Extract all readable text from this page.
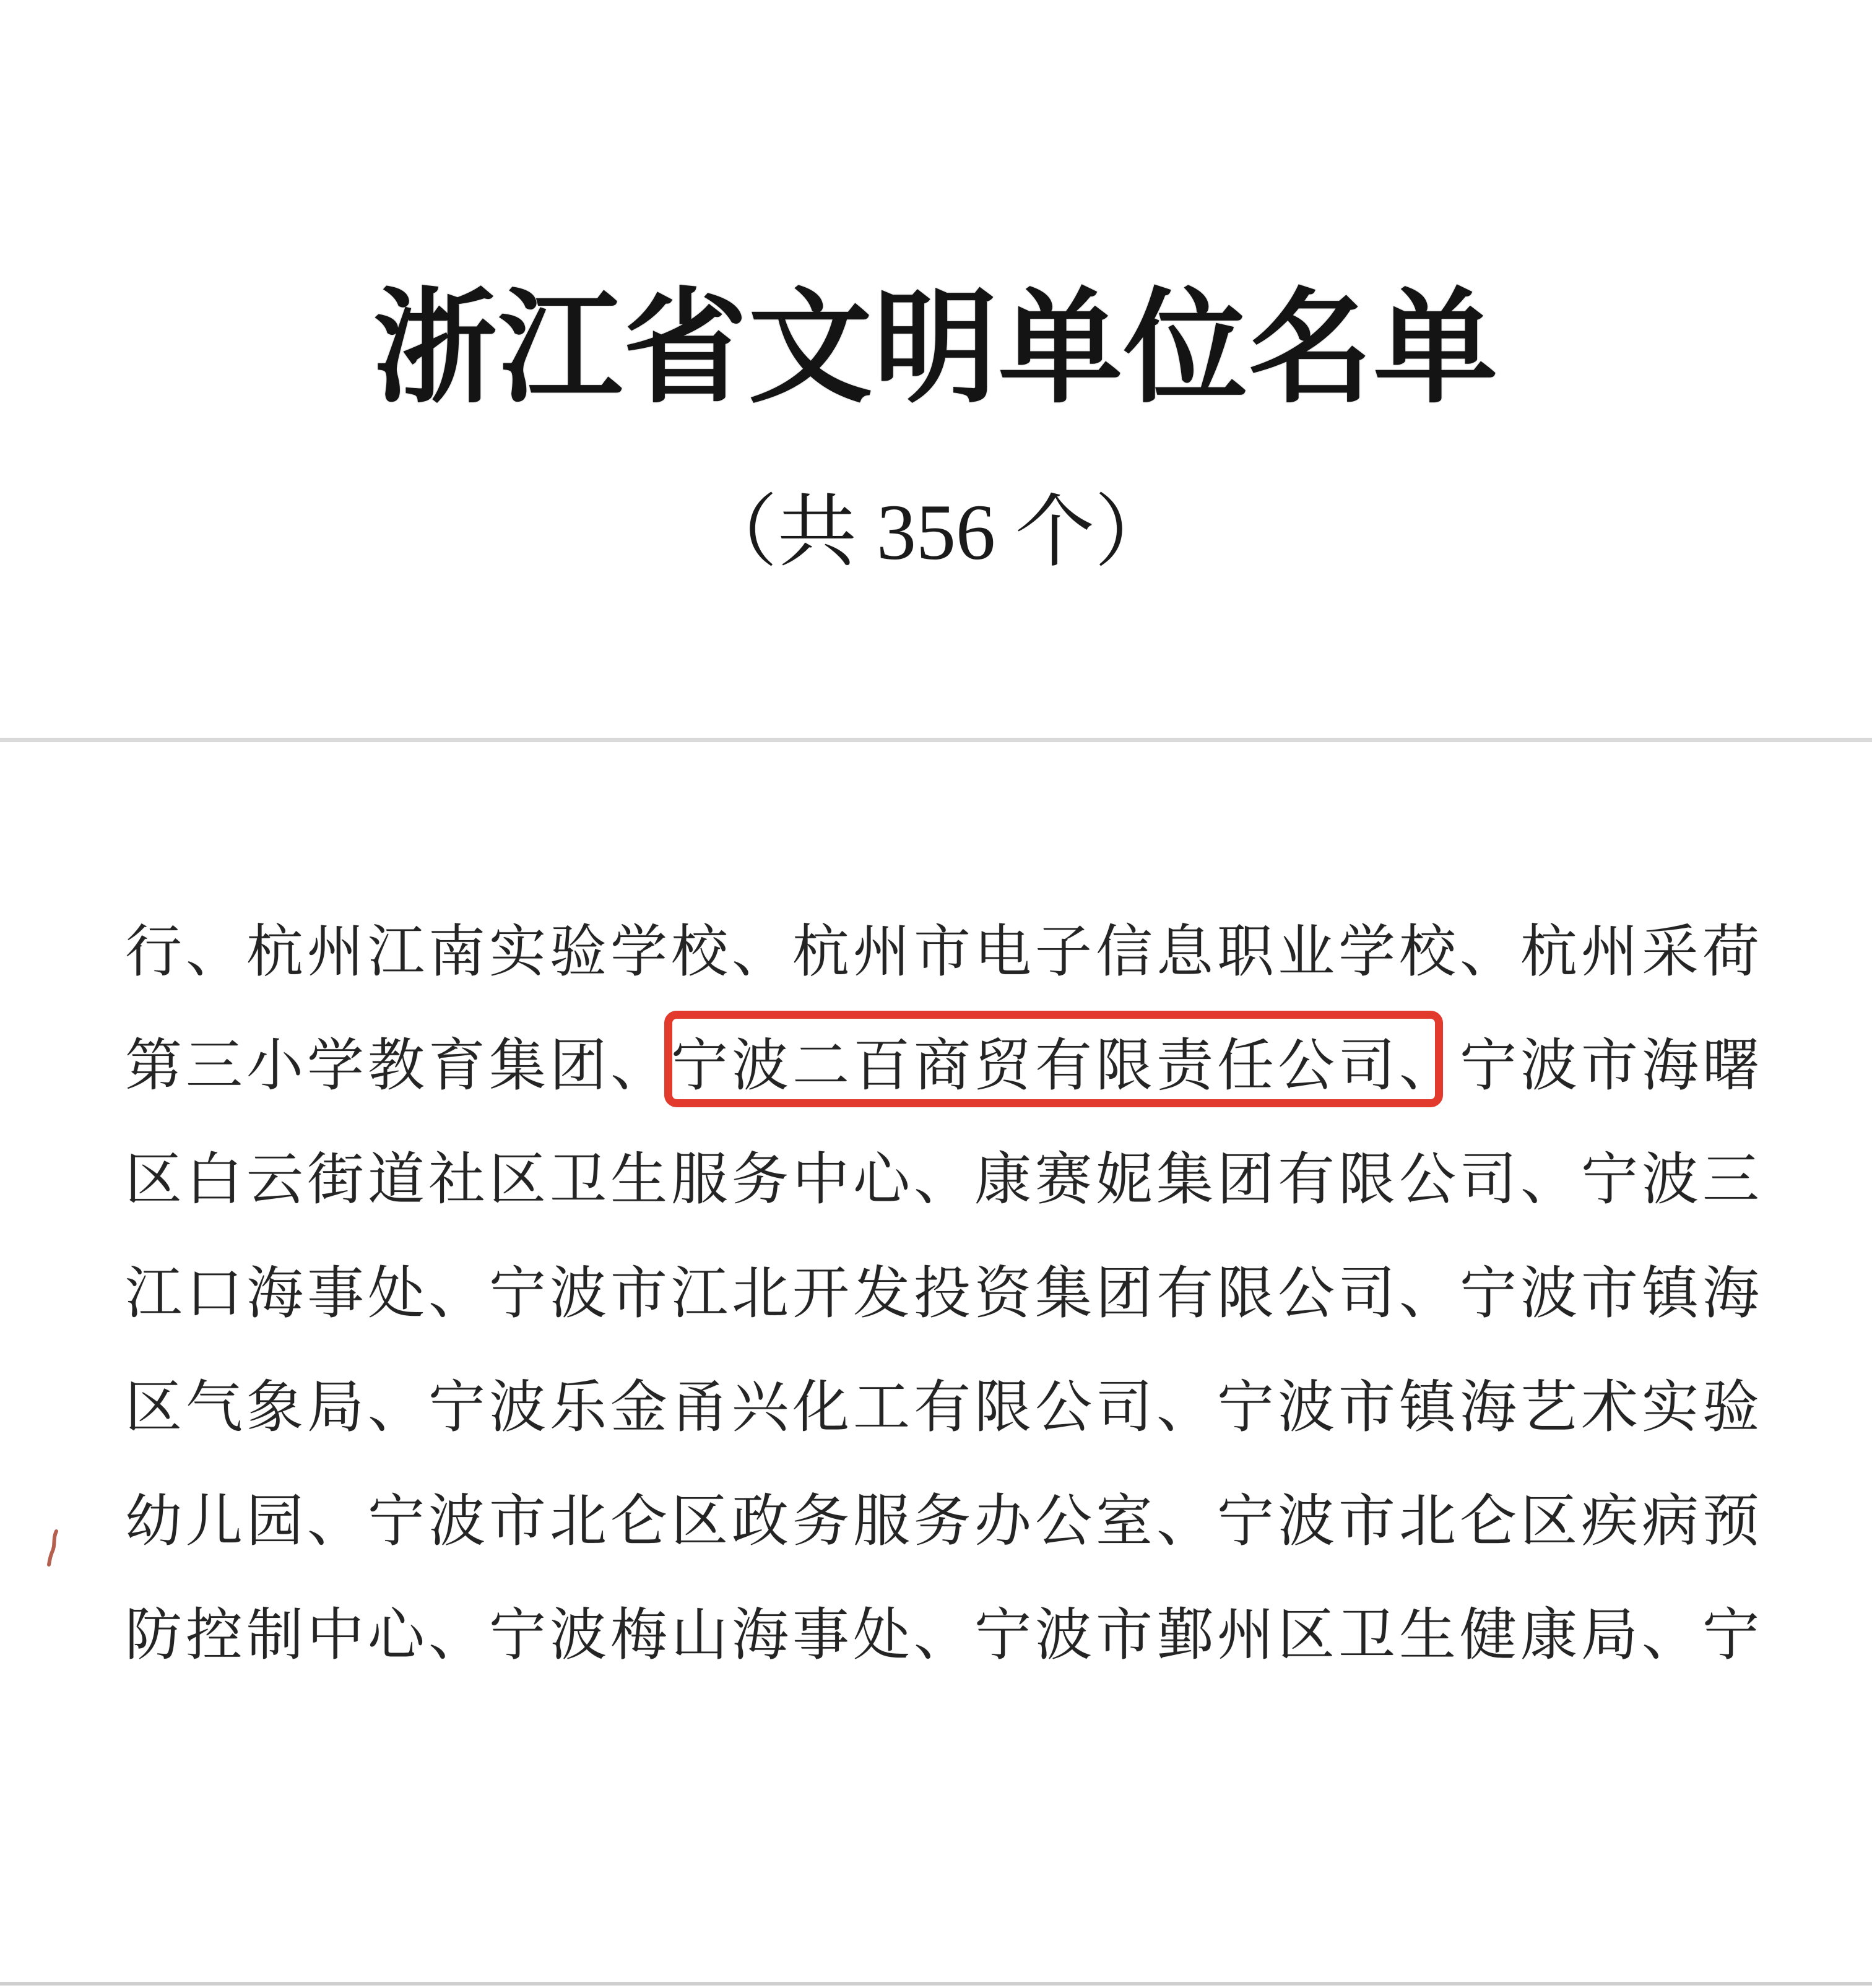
浙江省文明单位名单
（共 356 个）
行、杭州江南实验学校、杭州市电子信息职业学校、杭州采荷
第三小学教育集团、宁波二百商贸有限责任公司、宁波市海曙
区白云街道社区卫生服务中心、康赛妮集团有限公司、宁波三
江口海事处、宁波市江北开发投资集团有限公司、宁波市镇海
区气象局、宁波乐金甬兴化工有限公司、宁波市镇海艺术实验
幼儿园、宁波市北仑区政务服务办公室、宁波市北仑区疾病预
防控制中心、宁波梅山海事处、宁波市鄞州区卫生健康局、宁
